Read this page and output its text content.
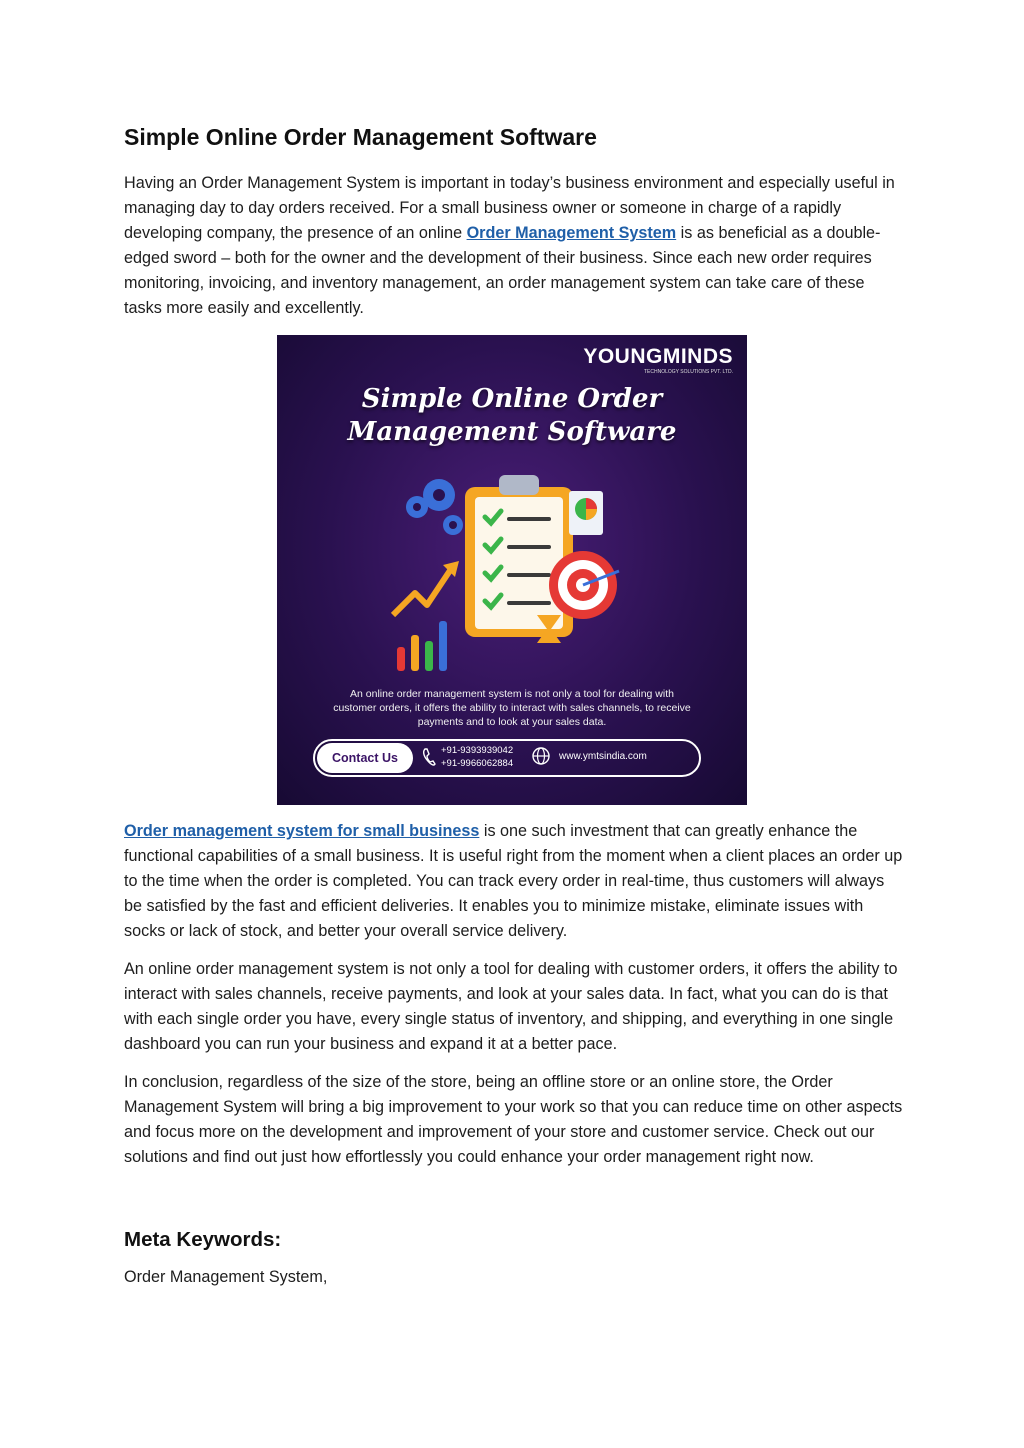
Simple Online Order Management Software

Having an Order Management System is important in today’s business environment and especially useful in managing day to day orders received. For a small business owner or someone in charge of a rapidly developing company, the presence of an online Order Management System is as beneficial as a double-edged sword – both for the owner and the development of their business. Since each new order requires monitoring, invoicing, and inventory management, an order management system can take care of these tasks more easily and excellently.

YOUNGMINDS
TECHNOLOGY SOLUTIONS PVT. LTD.
Simple Online Order
Management Software
An online order management system is not only a tool for dealing with customer orders, it offers the ability to interact with sales channels, to receive payments and to look at your sales data.
Contact Us
+91-9393939042
+91-9966062884
www.ymtsindia.com

Order management system for small business is one such investment that can greatly enhance the functional capabilities of a small business. It is useful right from the moment when a client places an order up to the time when the order is completed. You can track every order in real-time, thus customers will always be satisfied by the fast and efficient deliveries. It enables you to minimize mistake, eliminate issues with socks or lack of stock, and better your overall service delivery.

An online order management system is not only a tool for dealing with customer orders, it offers the ability to interact with sales channels, receive payments, and look at your sales data. In fact, what you can do is that with each single order you have, every single status of inventory, and shipping, and everything in one single dashboard you can run your business and expand it at a better pace.

In conclusion, regardless of the size of the store, being an offline store or an online store, the Order Management System will bring a big improvement to your work so that you can reduce time on other aspects and focus more on the development and improvement of your store and customer service. Check out our solutions and find out just how effortlessly you could enhance your order management right now.

Meta Keywords:

Order Management System,
